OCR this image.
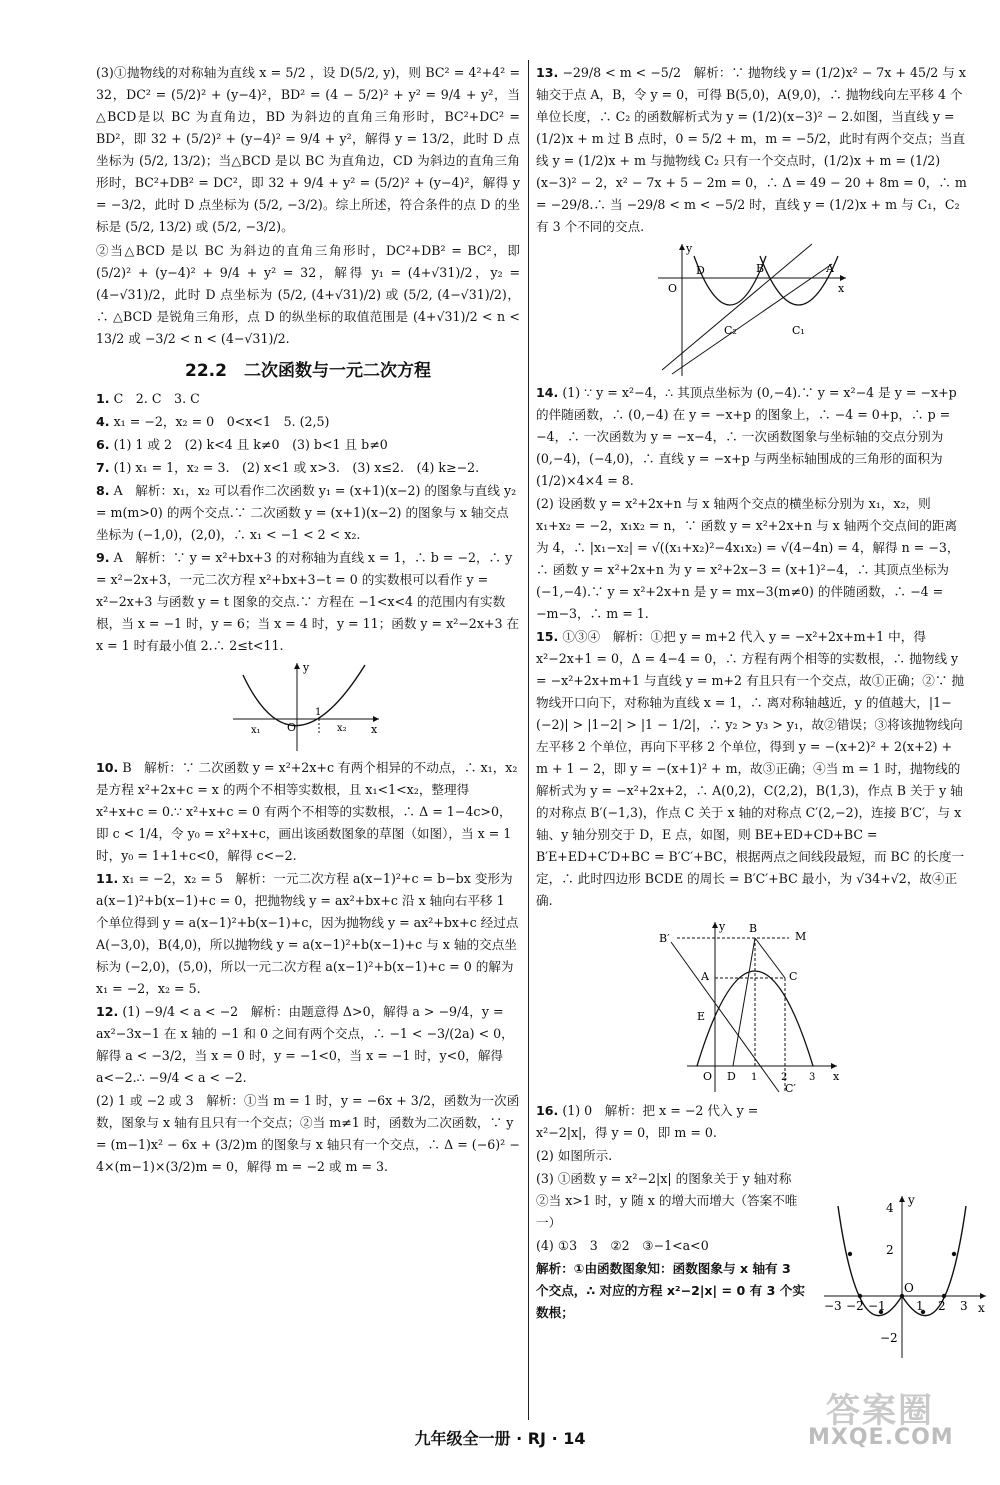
(3)①抛物线的对称轴为直线 x = 5/2 ，设 D(5/2, y)，则 BC² = 4²+4² = 32，DC² = (5/2)² + (y−4)²，BD² = (4 − 5/2)² + y² = 9/4 + y²，当△BCD是以 BC 为直角边，BD 为斜边的直角三角形时，BC²+DC² = BD²，即 32 + (5/2)² + (y−4)² = 9/4 + y²，解得 y = 13/2，此时 D 点坐标为 (5/2, 13/2)；当△BCD 是以 BC 为直角边，CD 为斜边的直角三角形时，BC²+DB² = DC²，即 32 + 9/4 + y² = (5/2)² + (y−4)²，解得 y = −3/2，此时 D 点坐标为 (5/2, −3/2)。综上所述，符合条件的点 D 的坐标是 (5/2, 13/2) 或 (5/2, −3/2)。

②当△BCD 是以 BC 为斜边的直角三角形时，DC²+DB² = BC²，即 (5/2)² + (y−4)² + 9/4 + y² = 32，解得 y₁ = (4+√31)/2，y₂ = (4−√31)/2，此时 D 点坐标为 (5/2, (4+√31)/2) 或 (5/2, (4−√31)/2)，∴ △BCD 是锐角三角形，点 D 的纵坐标的取值范围是 (4+√31)/2 < n < 13/2 或 −3/2 < n < (4−√31)/2.

22.2　二次函数与一元二次方程
1. C　2. C　3. C
4. x₁ = −2，x₂ = 0　0<x<1　5. (2,5)
6. (1) 1 或 2　(2) k<4 且 k≠0　(3) b<1 且 b≠0
7. (1) x₁ = 1，x₂ = 3.　(2) x<1 或 x>3.　(3) x≤2.　(4) k≥−2.
8. A　解析：x₁，x₂ 可以看作二次函数 y₁ = (x+1)(x−2) 的图象与直线 y₂ = m(m>0) 的两个交点.∵ 二次函数 y = (x+1)(x−2) 的图象与 x 轴交点坐标为 (−1,0)，(2,0)，∴ x₁ < −1 < 2 < x₂.
9. A　解析：∵ y = x²+bx+3 的对称轴为直线 x = 1，∴ b = −2，∴ y = x²−2x+3，一元二次方程 x²+bx+3−t = 0 的实数根可以看作 y = x²−2x+3 与函数 y = t 图象的交点.∵ 方程在 −1<x<4 的范围内有实数根，当 x = −1 时，y = 6；当 x = 4 时，y = 11；函数 y = x²−2x+3 在 x = 1 时有最小值 2.∴ 2≤t<11.
y
x
x₁ O
1
x₂
10. B　解析：∵ 二次函数 y = x²+2x+c 有两个相异的不动点，∴ x₁，x₂ 是方程 x²+2x+c = x 的两个不相等实数根，且 x₁<1<x₂，整理得 x²+x+c = 0.∵ x²+x+c = 0 有两个不相等的实数根，∴ Δ = 1−4c>0，即 c < 1/4，令 y₀ = x²+x+c，画出该函数图象的草图（如图），当 x = 1 时，y₀ = 1+1+c<0，解得 c<−2.
11. x₁ = −2，x₂ = 5　解析：一元二次方程 a(x−1)²+c = b−bx 变形为 a(x−1)²+b(x−1)+c = 0，把抛物线 y = ax²+bx+c 沿 x 轴向右平移 1 个单位得到 y = a(x−1)²+b(x−1)+c，因为抛物线 y = ax²+bx+c 经过点 A(−3,0)，B(4,0)，所以抛物线 y = a(x−1)²+b(x−1)+c 与 x 轴的交点坐标为 (−2,0)，(5,0)，所以一元二次方程 a(x−1)²+b(x−1)+c = 0 的解为 x₁ = −2，x₂ = 5.
12. (1) −9/4 < a < −2　解析：由题意得 Δ>0，解得 a > −9/4，y = ax²−3x−1 在 x 轴的 −1 和 0 之间有两个交点，∴ −1 < −3/(2a) < 0，解得 a < −3/2，当 x = 0 时，y = −1<0，当 x = −1 时，y<0，解得 a<−2.∴ −9/4 < a < −2.
(2) 1 或 −2 或 3　解析：①当 m = 1 时，y = −6x + 3/2，函数为一次函数，图象与 x 轴有且只有一个交点；②当 m≠1 时，函数为二次函数，∵ y = (m−1)x² − 6x + (3/2)m 的图象与 x 轴只有一个交点，∴ Δ = (−6)² − 4×(m−1)×(3/2)m = 0，解得 m = −2 或 m = 3.
13. −29/8 < m < −5/2　解析：∵ 抛物线 y = (1/2)x² − 7x + 45/2 与 x 轴交于点 A，B，令 y = 0，可得 B(5,0)，A(9,0)，∴ 抛物线向左平移 4 个单位长度，∴ C₂ 的函数解析式为 y = (1/2)(x−3)² − 2.如图，当直线 y = (1/2)x + m 过 B 点时，0 = 5/2 + m，m = −5/2，此时有两个交点；当直线 y = (1/2)x + m 与抛物线 C₂ 只有一个交点时，(1/2)x + m = (1/2)(x−3)² − 2，x² − 7x + 5 − 2m = 0，∴ Δ = 49 − 20 + 8m = 0，∴ m = −29/8.∴ 当 −29/8 < m < −5/2 时，直线 y = (1/2)x + m 与 C₁，C₂ 有 3 个不同的交点.
y
x
O
D	B	A
C₂	C₁
14. (1) ∵ y = x²−4，∴ 其顶点坐标为 (0,−4).∵ y = x²−4 是 y = −x+p 的伴随函数，∴ (0,−4) 在 y = −x+p 的图象上，∴ −4 = 0+p，∴ p = −4，∴ 一次函数为 y = −x−4，∴ 一次函数图象与坐标轴的交点分别为 (0,−4)，(−4,0)，∴ 直线 y = −x+p 与两坐标轴围成的三角形的面积为 (1/2)×4×4 = 8.
(2) 设函数 y = x²+2x+n 与 x 轴两个交点的横坐标分别为 x₁，x₂，则 x₁+x₂ = −2，x₁x₂ = n，∵ 函数 y = x²+2x+n 与 x 轴两个交点间的距离为 4，∴ |x₁−x₂| = √((x₁+x₂)²−4x₁x₂) = √(4−4n) = 4，解得 n = −3，∴ 函数 y = x²+2x+n 为 y = x²+2x−3 = (x+1)²−4，∴ 其顶点坐标为 (−1,−4).∵ y = x²+2x+n 是 y = mx−3(m≠0) 的伴随函数，∴ −4 = −m−3，∴ m = 1.
15. ①③④　解析：①把 y = m+2 代入 y = −x²+2x+m+1 中，得 x²−2x+1 = 0，Δ = 4−4 = 0，∴ 方程有两个相等的实数根，∴ 抛物线 y = −x²+2x+m+1 与直线 y = m+2 有且只有一个交点，故①正确；②∵ 抛物线开口向下，对称轴为直线 x = 1，∴ 离对称轴越近，y 的值越大，|1−(−2)| > |1−2| > |1 − 1/2|，∴ y₂ > y₃ > y₁，故②错误；③将该抛物线向左平移 2 个单位，再向下平移 2 个单位，得到 y = −(x+2)² + 2(x+2) + m + 1 − 2，即 y = −(x+1)² + m，故③正确；④当 m = 1 时，抛物线的解析式为 y = −x²+2x+2，∴ A(0,2)，C(2,2)，B(1,3)，作点 B 关于 y 轴的对称点 B′(−1,3)，作点 C 关于 x 轴的对称点 C′(2,−2)，连接 B′C′，与 x 轴、y 轴分别交于 D，E 点，如图，则 BE+ED+CD+BC = B′E+ED+C′D+BC = B′C′+BC，根据两点之间线段最短，而 BC 的长度一定，∴ 此时四边形 BCDE 的周长 = B′C′+BC 最小，为 √34+√2，故④正确.
y
B′
B
M
A	C
E
O D 1 2 3 x
C′
16. (1) 0　解析：把 x = −2 代入 y = x²−2|x|，得 y = 0，即 m = 0.
(2) 如图所示.
(3) ①函数 y = x²−2|x| 的图象关于 y 轴对称　②当 x>1 时，y 随 x 的增大而增大（答案不唯一）
(4) ①3　3　②2　③−1<a<0
解析：①由函数图象知：函数图象与 x 轴有 3 个交点，∴ 对应的方程 x²−2|x| = 0 有 3 个实数根；
4
2
−2
−3 −2 −1	1 2 3
y
x
O
九年级全一册 · RJ · 14
答案圈
MXQE.COM
